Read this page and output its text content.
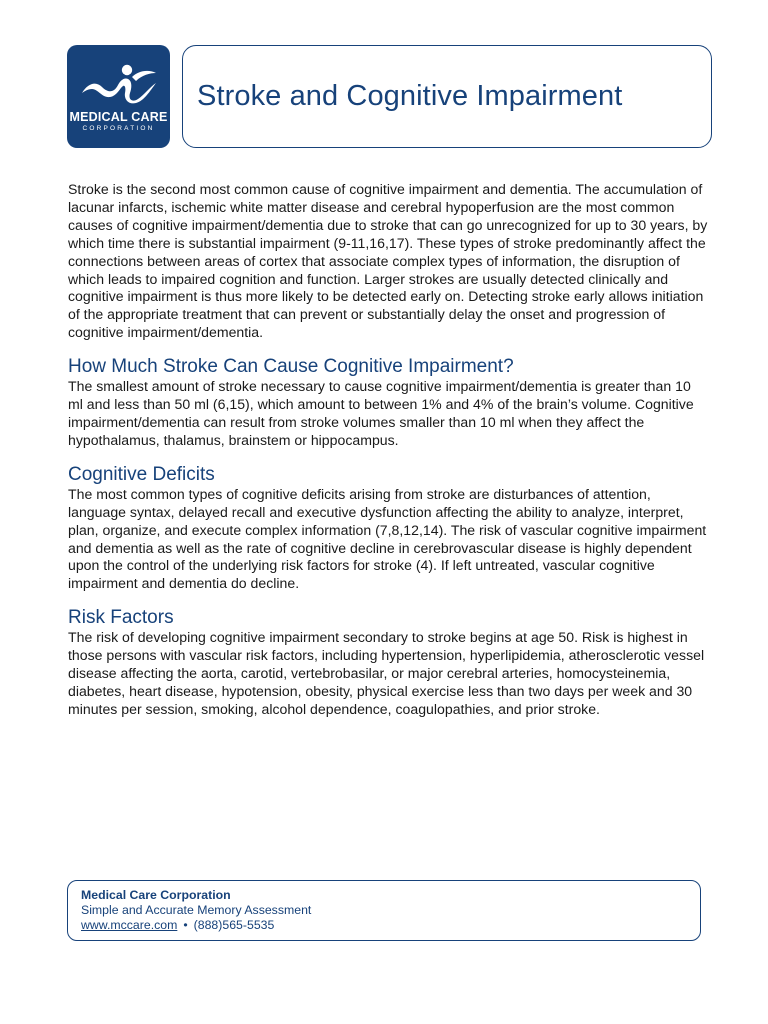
MEDICAL CARE
CORPORATION
Stroke and Cognitive Impairment

Stroke is the second most common cause of cognitive impairment and dementia. The accumulation of lacunar infarcts, ischemic white matter disease and cerebral hypoperfusion are the most common causes of cognitive impairment/dementia due to stroke that can go unrecognized for up to 30 years, by which time there is substantial impairment (9-11,16,17). These types of stroke predominantly affect the connections between areas of cortex that associate complex types of information, the disruption of which leads to impaired cognition and function. Larger strokes are usually detected clinically and cognitive impairment is thus more likely to be detected early on. Detecting stroke early allows initiation of the appropriate treatment that can prevent or substantially delay the onset and progression of cognitive impairment/dementia.

How Much Stroke Can Cause Cognitive Impairment?

The smallest amount of stroke necessary to cause cognitive impairment/dementia is greater than 10 ml and less than 50 ml (6,15), which amount to between 1% and 4% of the brain’s volume. Cognitive impairment/dementia can result from stroke volumes smaller than 10 ml when they affect the hypothalamus, thalamus, brainstem or hippocampus.

Cognitive Deficits

The most common types of cognitive deficits arising from stroke are disturbances of attention, language syntax, delayed recall and executive dysfunction affecting the ability to analyze, interpret, plan, organize, and execute complex information (7,8,12,14). The risk of vascular cognitive impairment and dementia as well as the rate of cognitive decline in cerebrovascular disease is highly dependent upon the control of the underlying risk factors for stroke (4). If left untreated, vascular cognitive impairment and dementia do decline.

Risk Factors

The risk of developing cognitive impairment secondary to stroke begins at age 50. Risk is highest in those persons with vascular risk factors, including hypertension, hyperlipidemia, atherosclerotic vessel disease affecting the aorta, carotid, vertebrobasilar, or major cerebral arteries, homocysteinemia, diabetes, heart disease, hypotension, obesity, physical exercise less than two days per week and 30 minutes per session, smoking, alcohol dependence, coagulopathies, and prior stroke.

Medical Care Corporation
Simple and Accurate Memory Assessment
www.mccare.com • (888)565-5535
